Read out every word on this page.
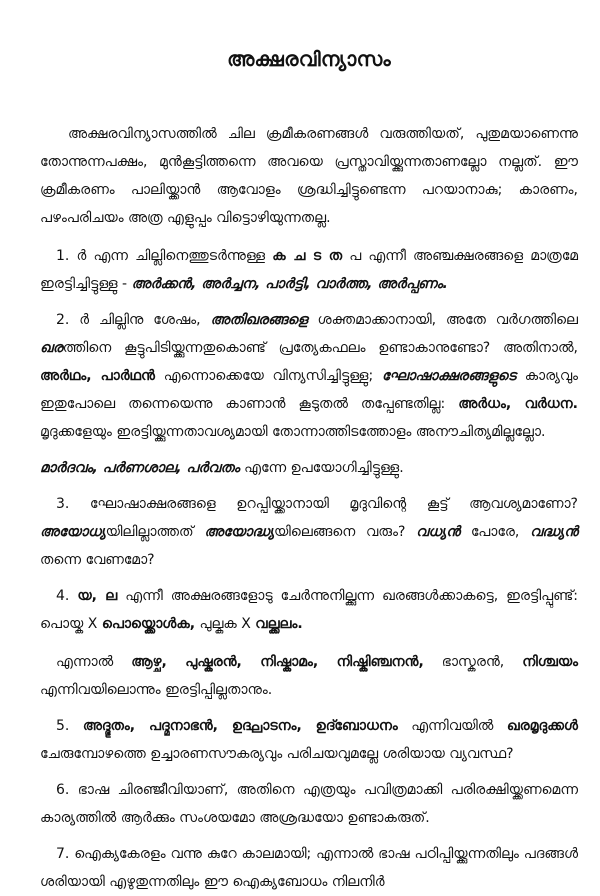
അക്ഷരവിന്യാസം

അക്ഷരവിന്യാസത്തിൽ ചില ക്രമീകരണങ്ങൾ വരുത്തിയത്, പുതുമയാണെന്നു തോന്നുന്നപക്ഷം, മുൻകൂട്ടിത്തന്നെ അവയെ പ്രസ്താവിയ്ക്കുന്നതാണല്ലോ നല്ലത്. ഈ ക്രമീകരണം പാലിയ്ക്കാൻ ആവോളം ശ്രദ്ധിച്ചിട്ടുണ്ടെന്ന പറയാനാകു; കാരണം, പഴംപരിചയം അത്ര എളുപ്പം വിട്ടൊഴിയുന്നതല്ല.

1. ർ എന്ന ചില്ലിനെത്തുടർന്നുള്ള ക ച ട ത പ എന്നീ അഞ്ചക്ഷരങ്ങളെ മാത്രമേ ഇരട്ടിച്ചിട്ടുള്ളു - അർക്കൻ, അർച്ചന, പാർട്ടി, വാർത്ത, അർപ്പണം.

2. ർ ചില്ലിനു ശേഷം, അതിഖരങ്ങളെ ശക്തമാക്കാനായി, അതേ വർഗത്തിലെ ഖരത്തിനെ കൂട്ടുപിടിയ്ക്കുന്നതുകൊണ്ട് പ്രത്യേകഫലം ഉണ്ടാകാനുണ്ടോ? അതിനാൽ, അർഥം, പാർഥൻ എന്നൊക്കെയേ വിന്യസിച്ചിട്ടുള്ളു; ഘോഷാക്ഷരങ്ങളുടെ കാര്യവും ഇതുപോലെ തന്നെയെന്നു കാണാൻ കൂടുതൽ തപ്പേണ്ടതില്ല: അർധം, വർധന. മൃദുക്കളേയും ഇരട്ടിയ്ക്കുന്നതാവശ്യമായി തോന്നാത്തിടത്തോളം അനൗചിത്യമില്ലല്ലോ.

മാർദവം, പർണശാല, പർവതം എന്നേ ഉപയോഗിച്ചിട്ടുള്ളു.

3. ഘോഷാക്ഷരങ്ങളെ ഉറപ്പിയ്ക്കാനായി മൃദുവിന്റെ കൂട്ട് ആവശ്യമാണോ? അയോധ്യയിലില്ലാത്തത് അയോദ്ധ്യയിലെങ്ങനെ വരും? വധ്യൻ പോരേ, വദ്ധ്യൻ തന്നെ വേണമോ?

4. യ, ല എന്നീ അക്ഷരങ്ങളോടു ചേർന്നുനില്ക്കുന്ന ഖരങ്ങൾക്കാകട്ടെ, ഇരട്ടിപ്പുണ്ട്: പൊയ്ക X പൊയ്ക്കൊൾക, പുല്കുക X വല്ക്കലം.

എന്നാൽ ആഴ്ച, പുഷ്കരൻ, നിഷ്കാമം, നിഷ്കിഞ്ചനൻ, ഭാസ്കരൻ, നിശ്ചയം എന്നിവയിലൊന്നും ഇരട്ടിപ്പില്ലതാനും.

5. അദ്ഭുതം, പദ്മനാഭൻ, ഉദ്ഘാടനം, ഉദ്ബോധനം എന്നിവയിൽ ഖരമൃദുക്കൾ ചേരുമ്പോഴത്തെ ഉച്ചാരണസൗകര്യവും പരിചയവുമല്ലേ ശരിയായ വ്യവസ്ഥ?

6. ഭാഷ ചിരഞ്ജീവിയാണ്, അതിനെ എത്രയും പവിത്രമാക്കി പരിരക്ഷിയ്ക്കണമെന്ന കാര്യത്തിൽ ആർക്കും സംശയമോ അശ്രദ്ധയോ ഉണ്ടാകരുത്.

7. ഐക്യകേരളം വന്നു കുറേ കാലമായി; എന്നാൽ ഭാഷ പഠിപ്പിയ്ക്കുന്നതിലും പദങ്ങൾ ശരിയായി എഴുതുന്നതിലും ഈ ഐക്യബോധം നിലനിർ
